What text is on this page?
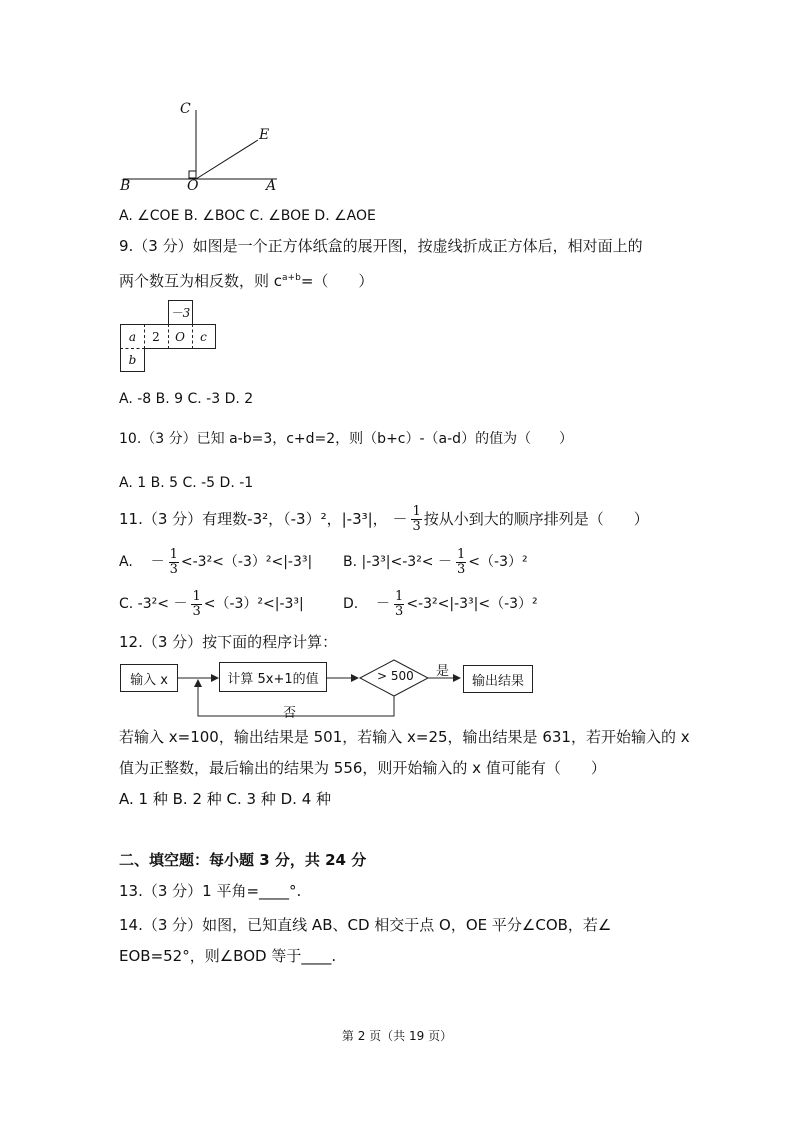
C
E
B	O	A
A. ∠COE B. ∠BOC C. ∠BOE D. ∠AOE
9.（3 分）如图是一个正方体纸盒的展开图，按虚线折成正方体后，相对面上的
两个数互为相反数，则 $c^{a+b}=$（　　）
－3
a	2	O	c
b
A. -8 B. 9 C. -3 D. 2
10.（3 分）已知 a-b=3，c+d=2，则（b+c）-（a-d）的值为（　　）
A. 1 B. 5 C. -5 D. -1
11.（3 分）有理数-3²，（-3）²，|-3³|， － $\frac{1}{3}$ 按从小到大的顺序排列是（　　）
A. － $\frac{1}{3} <-3^2<(-3)^2<|-3^3|$ B. $|-3^3|<-3^2< - \frac{1}{3} <(-3)^2$
C. $-3^2< - \frac{1}{3} <(-3)^2<|-3^3|$	D. － $\frac{1}{3} <-3^2<|-3^3|<(-3)^2$
12.（3 分）按下面的程序计算：
输入 x	计算 5x+1的值	> 500 是
输出结果
否
若输入 x=100，输出结果是 501，若输入 x=25，输出结果是 631，若开始输入的 x
值为正整数，最后输出的结果为 556，则开始输入的 x 值可能有（　　）
A. 1 种 B. 2 种 C. 3 种 D. 4 种
二、填空题：每小题 3 分，共 24 分
13.（3 分）1 平角=____°.
14.（3 分）如图，已知直线 AB、CD 相交于点 O，OE 平分∠COB，若∠
EOB=52°，则∠BOD 等于____.
第 2 页（共 19 页）
